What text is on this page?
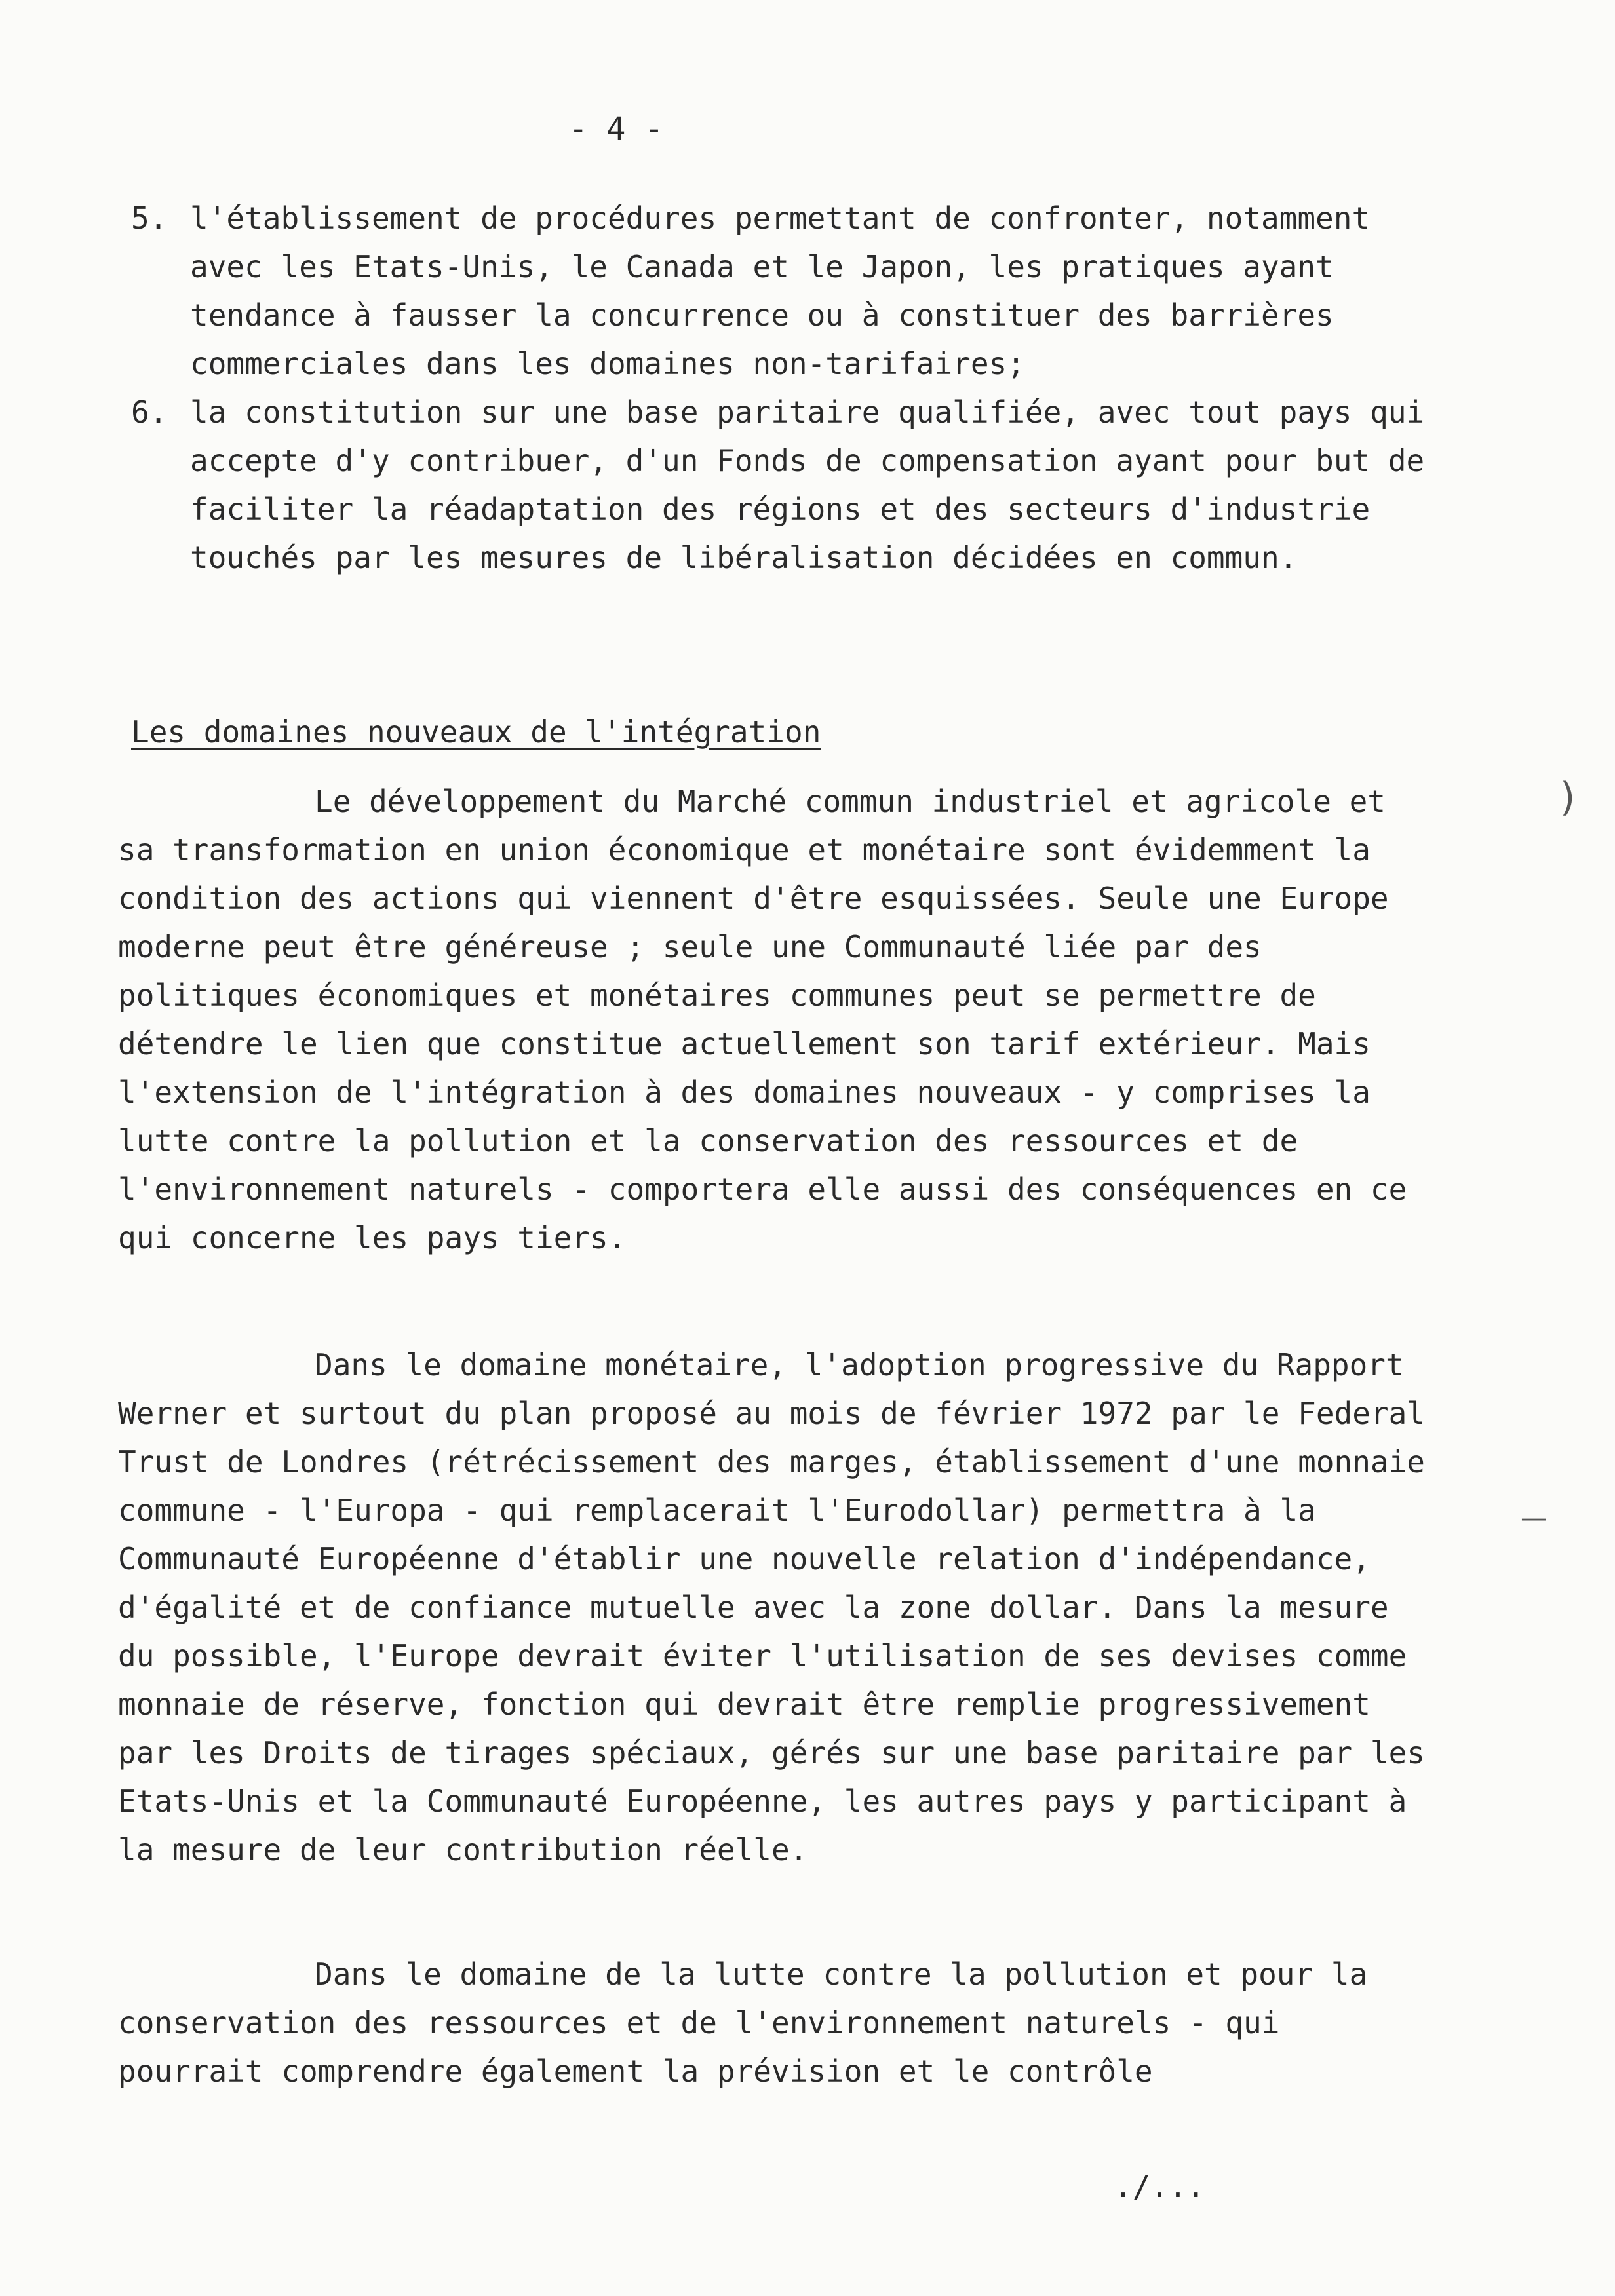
- 4 -

5. l'établissement de procédures permettant de confronter, notamment avec les Etats-Unis, le Canada et le Japon, les pratiques ayant tendance à fausser la concurrence ou à constituer des barrières commerciales dans les domaines non-tarifaires;

6. la constitution sur une base paritaire qualifiée, avec tout pays qui accepte d'y contribuer, d'un Fonds de compensation ayant pour but de faciliter la réadaptation des régions et des secteurs d'industrie touchés par les mesures de libéralisation décidées en commun.

Les domaines nouveaux de l'intégration

Le développement du Marché commun industriel et agricole et sa transformation en union économique et monétaire sont évidemment la condition des actions qui viennent d'être esquissées. Seule une Europe moderne peut être généreuse ; seule une Communauté liée par des politiques économiques et monétaires communes peut se permettre de détendre le lien que constitue actuellement son tarif extérieur. Mais l'extension de l'intégration à des domaines nouveaux - y comprises la lutte contre la pollution et la conservation des ressources et de l'environnement naturels - comportera elle aussi des conséquences en ce qui concerne les pays tiers.

Dans le domaine monétaire, l'adoption progressive du Rapport Werner et surtout du plan proposé au mois de février 1972 par le Federal Trust de Londres (rétrécissement des marges, établissement d'une monnaie commune - l'Europa - qui remplacerait l'Eurodollar) permettra à la Communauté Européenne d'établir une nouvelle relation d'indépendance, d'égalité et de confiance mutuelle avec la zone dollar. Dans la mesure du possible, l'Europe devrait éviter l'utilisation de ses devises comme monnaie de réserve, fonction qui devrait être remplie progressivement par les Droits de tirages spéciaux, gérés sur une base paritaire par les Etats-Unis et la Communauté Européenne, les autres pays y participant à la mesure de leur contribution réelle.

Dans le domaine de la lutte contre la pollution et pour la conservation des ressources et de l'environnement naturels - qui pourrait comprendre également la prévision et le contrôle

./...
)
—
